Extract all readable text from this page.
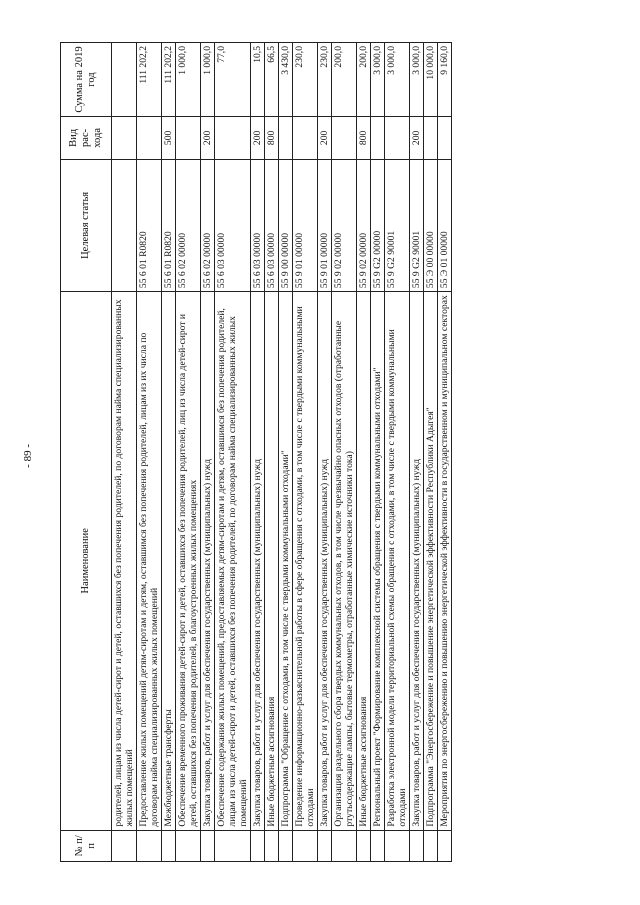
- 89 -
№ п/п	Наименование	Целевая статья	Вид рас-хода	Сумма на 2019 год
	родителей, лицам из числа детей-сирот и детей, оставшихся без попечения родителей, по договорам найма специализированных жилых помещений			
	Предоставление жилых помещений детям-сиротам и детям, оставшимся без попечения родителей, лицам из их числа по договорам найма специализированных жилых помещений	55 6 01 R0820		111 202,2
	Межбюджетные трансферты	55 6 01 R0820	500	111 202,2
	Обеспечение временного проживания детей-сирот и детей, оставшихся без попечения родителей, лиц из числа детей-сирот и детей, оставшихся без попечения родителей, в благоустроенных жилых помещениях	55 6 02 00000		1 000,0
	Закупка товаров, работ и услуг для обеспечения государственных (муниципальных) нужд	55 6 02 00000	200	1 000,0
	Обеспечение содержания жилых помещений, предоставляемых детям-сиротам и детям, оставшимся без попечения родителей, лицам из числа детей-сирот и детей, оставшихся без попечения родителей, по договорам найма специализированных жилых помещений	55 6 03 00000		77,0
	Закупка товаров, работ и услуг для обеспечения государственных (муниципальных) нужд	55 6 03 00000	200	10,5
	Иные бюджетные ассигнования	55 6 03 00000	800	66,5
	Подпрограмма "Обращение с отходами, в том числе с твердыми коммунальными отходами"	55 9 00 00000		3 430,0
	Проведение информационно-разъяснительной работы в сфере обращения с отходами, в том числе с твердыми коммунальными отходами	55 9 01 00000		230,0
	Закупка товаров, работ и услуг для обеспечения государственных (муниципальных) нужд	55 9 01 00000	200	230,0
	Организация раздельного сбора твердых коммунальных отходов, в том числе чрезвычайно опасных отходов (отработанные ртутьсодержащие лампы, бытовые термометры, отработанные химические источники тока)	55 9 02 00000		200,0
	Иные бюджетные ассигнования	55 9 02 00000	800	200,0
	Региональный проект "Формирование комплексной системы обращения с твердыми коммунальными отходами"	55 9 G2 00000		3 000,0
	Разработка электронной модели территориальной схемы обращения с отходами, в том числе с твердыми коммунальными отходами	55 9 G2 90001		3 000,0
	Закупка товаров, работ и услуг для обеспечения государственных (муниципальных) нужд	55 9 G2 90001	200	3 000,0
	Подпрограмма "Энергосбережение и повышение энергетической эффективности Республики Адыгея"	55 Э 00 00000		10 000,0
	Мероприятия по энергосбережению и повышению энергетической эффективности в государственном и муниципальном секторах	55 Э 01 00000		9 160,0
